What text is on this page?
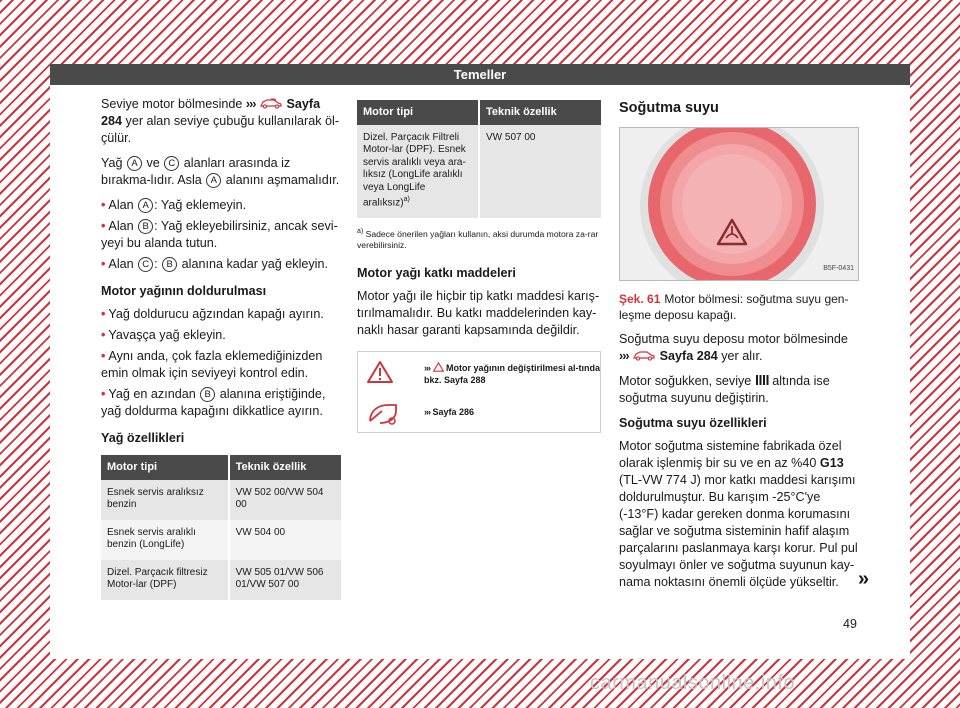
Temeller

Seviye motor bölmesinde ››› Sayfa 284 yer alan seviye çubuğu kullanılarak öl-çülür.

Yağ A ve C alanları arasında iz bırakma-lıdır. Asla A alanını aşmamalıdır.

• Alan A : Yağ eklemeyin.
• Alan B : Yağ ekleyebilirsiniz, ancak sevi-yeyi bu alanda tutun.
• Alan C : B alanına kadar yağ ekleyin.
Motor yağının doldurulması
• Yağ doldurucu ağzından kapağı ayırın.
• Yavaşça yağ ekleyin.
• Aynı anda, çok fazla eklemediğinizden emin olmak için seviyeyi kontrol edin.
• Yağ en azından B alanına eriştiğinde, yağ doldurma kapağını dikkatlice ayırın.
Yağ özellikleri
Motor tipi	Teknik özellik
Esnek servis aralıksız benzin	VW 502 00/VW 504 00
Esnek servis aralıklı benzin (LongLife)	VW 504 00
Dizel. Parçacık filtresiz Motor-lar (DPF)	VW 505 01/VW 506 01/VW 507 00
Motor tipi	Teknik özellik
Dizel. Parçacık Filtreli Motor-lar (DPF). Esnek servis aralıklı veya ara-lıksız (LongLife aralıklı veya LongLife aralıksız)$^{a)}$	VW 507 00
$^{a)}$ Sadece önerilen yağları kullanın, aksi durumda motora za-rar verebilirsiniz.
Motor yağı katkı maddeleri

Motor yağı ile hiçbir tip katkı maddesi karış-tırılmamalıdır. Bu katkı maddelerinden kay-naklı hasar garanti kapsamında değildir.

››› Motor yağının değiştirilmesi al-tında bkz. Sayfa 288
››› Sayfa 286
Soğutma suyu
B5F-0431

Şek. 61 Motor bölmesi: soğutma suyu gen-leşme deposu kapağı.

Soğutma suyu deposu motor bölmesinde ››› Sayfa 284 yer alır.

Motor soğukken, seviye altında ise soğutma suyunu değiştirin.

Soğutma suyu özellikleri

Motor soğutma sistemine fabrikada özel olarak işlenmiş bir su ve en az %40 G13 (TL-VW 774 J) mor katkı maddesi karışımı doldurulmuştur. Bu karışım -25°C'ye (-13°F) kadar gereken donma korumasını sağlar ve soğutma sisteminin hafif alaşım parçalarını paslanmaya karşı korur. Pul pul soyulmayı önler ve soğutma suyunun kay-nama noktasını önemli ölçüde yükseltir. »
49
carmanualsonline.info
